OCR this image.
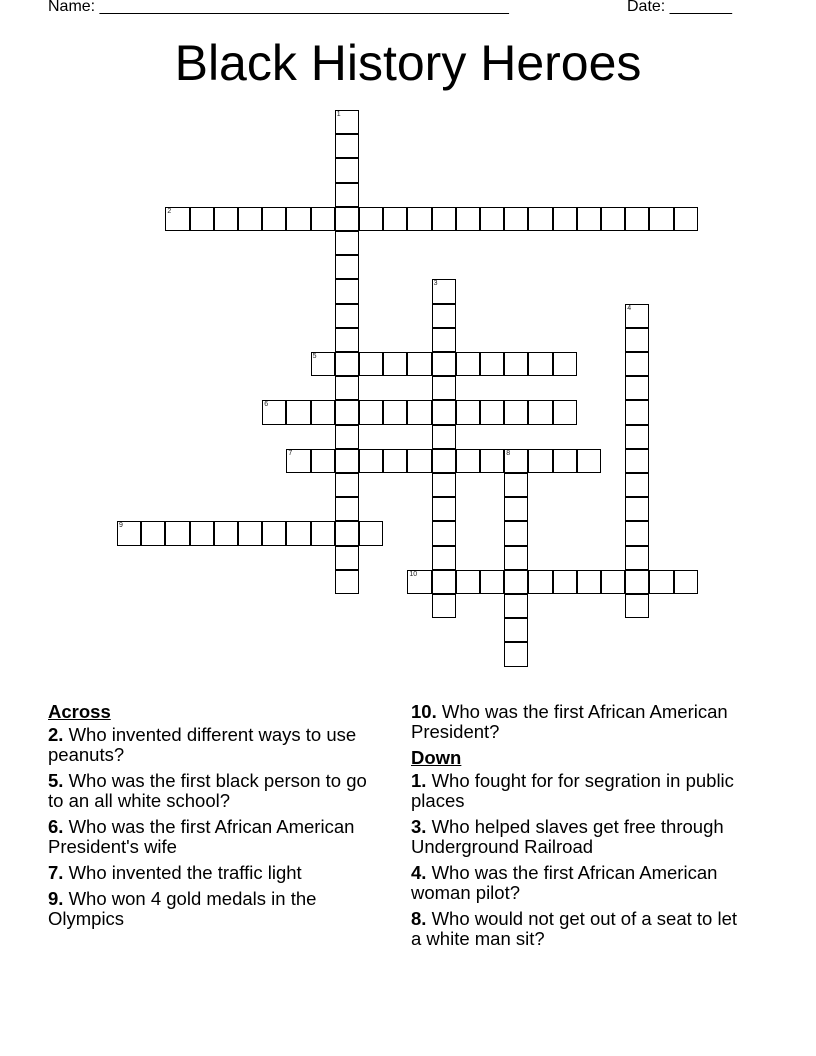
Name: ______________________________________________	Date: _______
Black History Heroes
1
2
3
4
5
6
7	8
9
10
Across
2. Who invented different ways to use peanuts?
5. Who was the first black person to go to an all white school?
6. Who was the first African American President's wife
7. Who invented the traffic light
9. Who won 4 gold medals in the Olympics
10. Who was the first African American President?
Down
1. Who fought for for segration in public places
3. Who helped slaves get free through Underground Railroad
4. Who was the first African American woman pilot?
8. Who would not get out of a seat to let a white man sit?
